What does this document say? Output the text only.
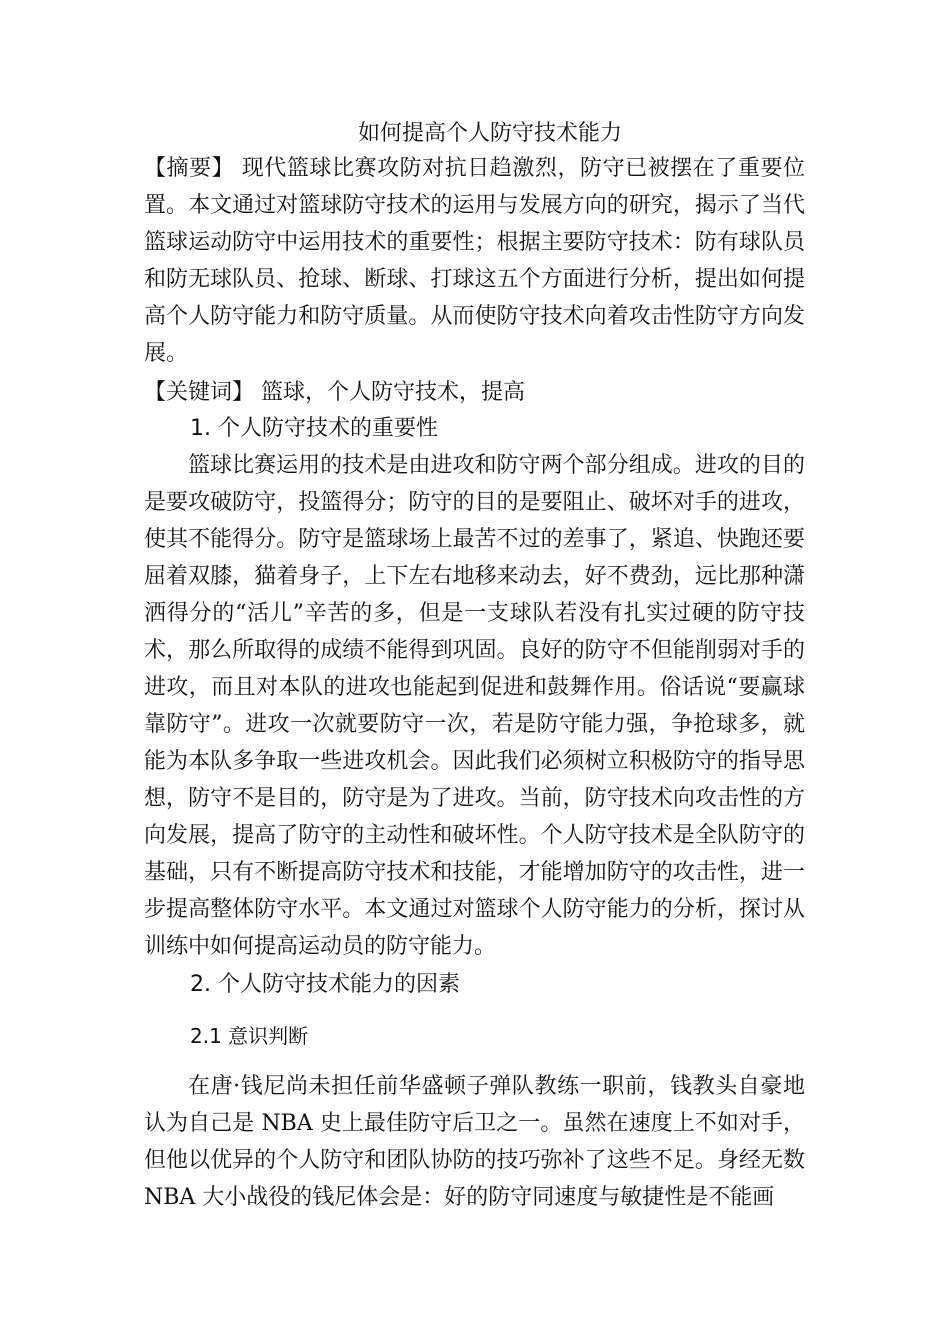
如何提高个人防守技术能力

【摘要】 现代篮球比赛攻防对抗日趋激烈，防守已被摆在了重要位置。本文通过对篮球防守技术的运用与发展方向的研究，揭示了当代篮球运动防守中运用技术的重要性；根据主要防守技术：防有球队员和防无球队员、抢球、断球、打球这五个方面进行分析，提出如何提高个人防守能力和防守质量。从而使防守技术向着攻击性防守方向发展。

【关键词】 篮球，个人防守技术，提高

1. 个人防守技术的重要性

篮球比赛运用的技术是由进攻和防守两个部分组成。进攻的目的是要攻破防守，投篮得分；防守的目的是要阻止、破坏对手的进攻，使其不能得分。防守是篮球场上最苦不过的差事了，紧追、快跑还要屈着双膝，猫着身子，上下左右地移来动去，好不费劲，远比那种潇洒得分的“活儿”辛苦的多，但是一支球队若没有扎实过硬的防守技术，那么所取得的成绩不能得到巩固。良好的防守不但能削弱对手的进攻，而且对本队的进攻也能起到促进和鼓舞作用。俗话说“要赢球靠防守”。进攻一次就要防守一次，若是防守能力强，争抢球多，就能为本队多争取一些进攻机会。因此我们必须树立积极防守的指导思想，防守不是目的，防守是为了进攻。当前，防守技术向攻击性的方向发展，提高了防守的主动性和破坏性。个人防守技术是全队防守的基础，只有不断提高防守技术和技能，才能增加防守的攻击性，进一步提高整体防守水平。本文通过对篮球个人防守能力的分析，探讨从训练中如何提高运动员的防守能力。

2. 个人防守技术能力的因素
2.1 意识判断

在唐·钱尼尚未担任前华盛顿子弹队教练一职前，钱教头自豪地认为自己是 NBA 史上最佳防守后卫之一。虽然在速度上不如对手，但他以优异的个人防守和团队协防的技巧弥补了这些不足。身经无数 NBA 大小战役的钱尼体会是：好的防守同速度与敏捷性是不能画
